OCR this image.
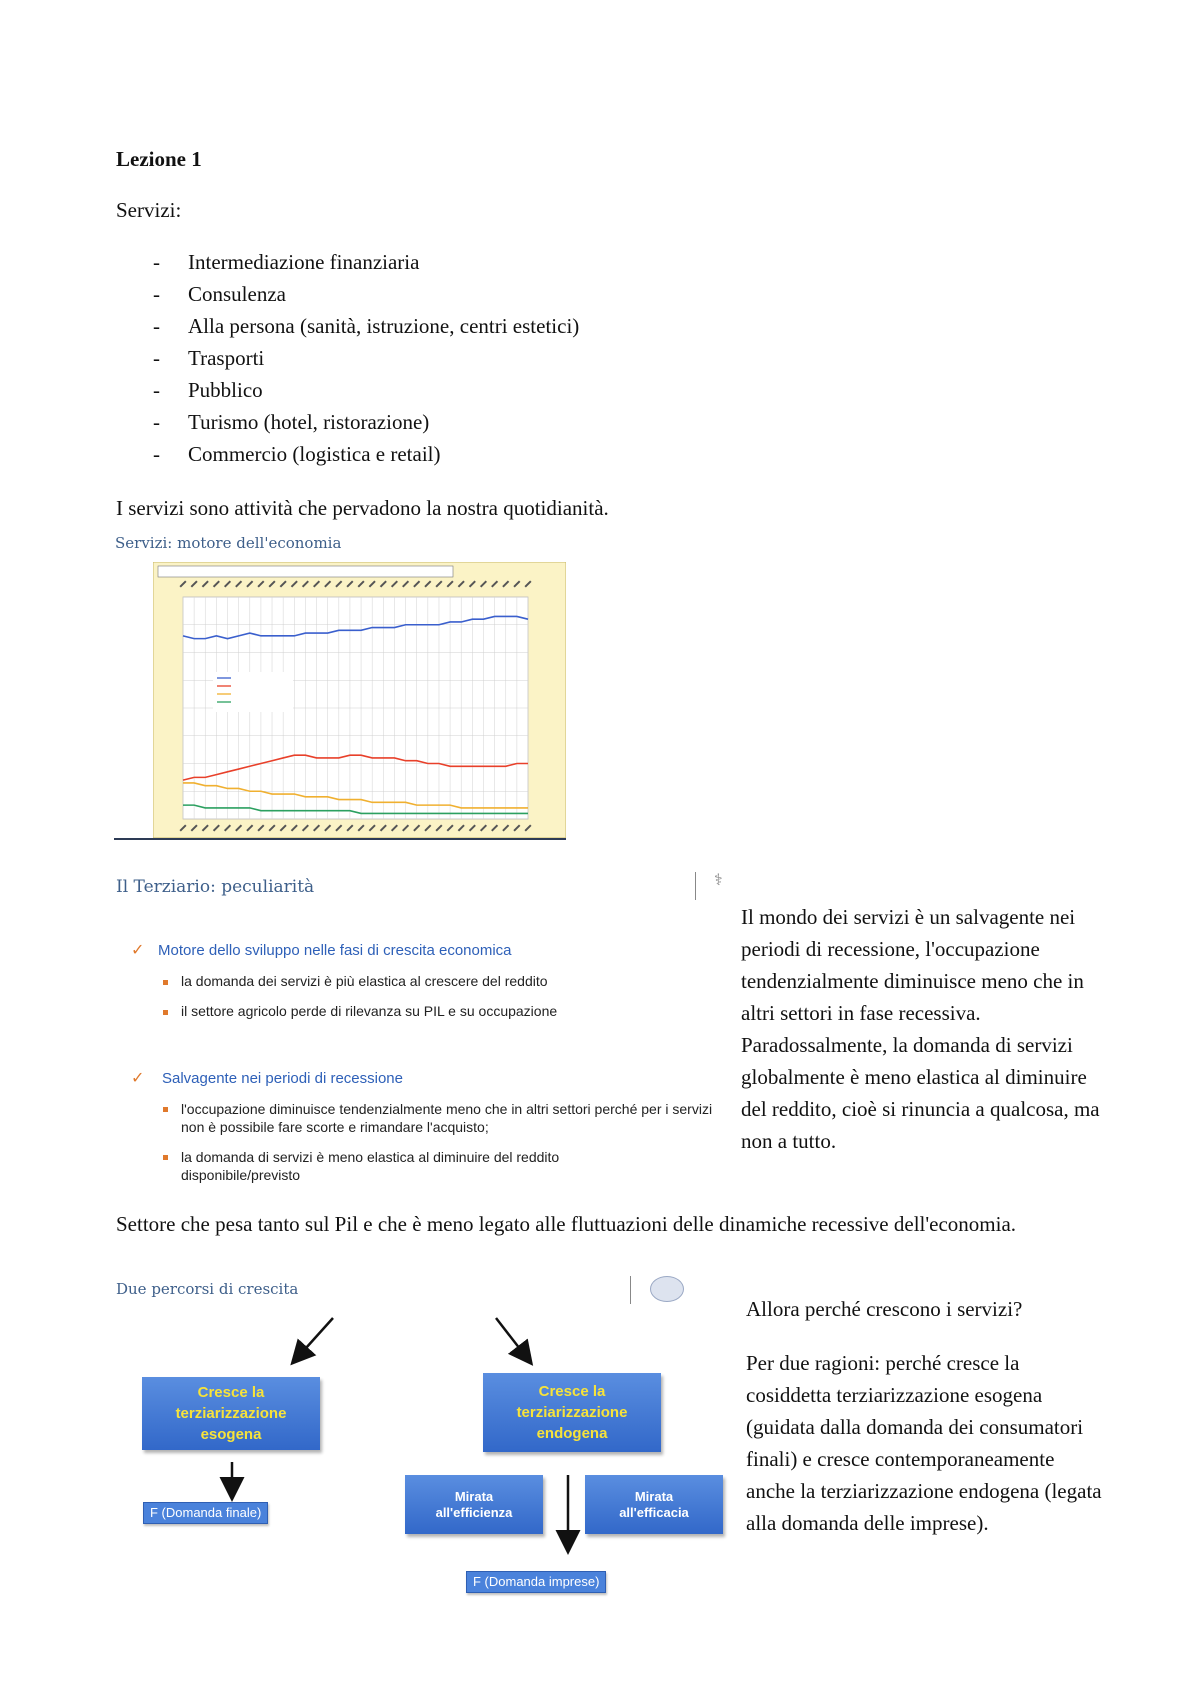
Lezione 1
Servizi:
- Intermediazione finanziaria
- Consulenza
- Alla persona (sanità, istruzione, centri estetici)
- Trasporti
- Pubblico
- Turismo (hotel, ristorazione)
- Commercio (logistica e retail)
I servizi sono attività che pervadono la nostra quotidianità.
Servizi: motore dell'economia
Il Terziario: peculiarità	⚕
✓ Motore dello sviluppo nelle fasi di crescita economica
la domanda dei servizi è più elastica al crescere del reddito
il settore agricolo perde di rilevanza su PIL e su occupazione
✓ Salvagente nei periodi di recessione
l'occupazione diminuisce tendenzialmente meno che in altri settori perché per i servizi non è possibile fare scorte e rimandare l'acquisto;
la domanda di servizi è meno elastica al diminuire del reddito disponibile/previsto
Il mondo dei servizi è un salvagente nei periodi di recessione, l'occupazione tendenzialmente diminuisce meno che in altri settori in fase recessiva. Paradossalmente, la domanda di servizi globalmente è meno elastica al diminuire del reddito, cioè si rinuncia a qualcosa, ma non a tutto.
Settore che pesa tanto sul Pil e che è meno legato alle fluttuazioni delle dinamiche recessive dell'economia.
Due percorsi di crescita
Cresce la terziarizzazione esogena
Cresce la terziarizzazione endogena
F (Domanda finale)
Mirata all'efficienza
Mirata all'efficacia
F (Domanda imprese)
Allora perché crescono i servizi?
Per due ragioni: perché cresce la cosiddetta terziarizzazione esogena (guidata dalla domanda dei consumatori finali) e cresce contemporaneamente anche la terziarizzazione endogena (legata alla domanda delle imprese).
